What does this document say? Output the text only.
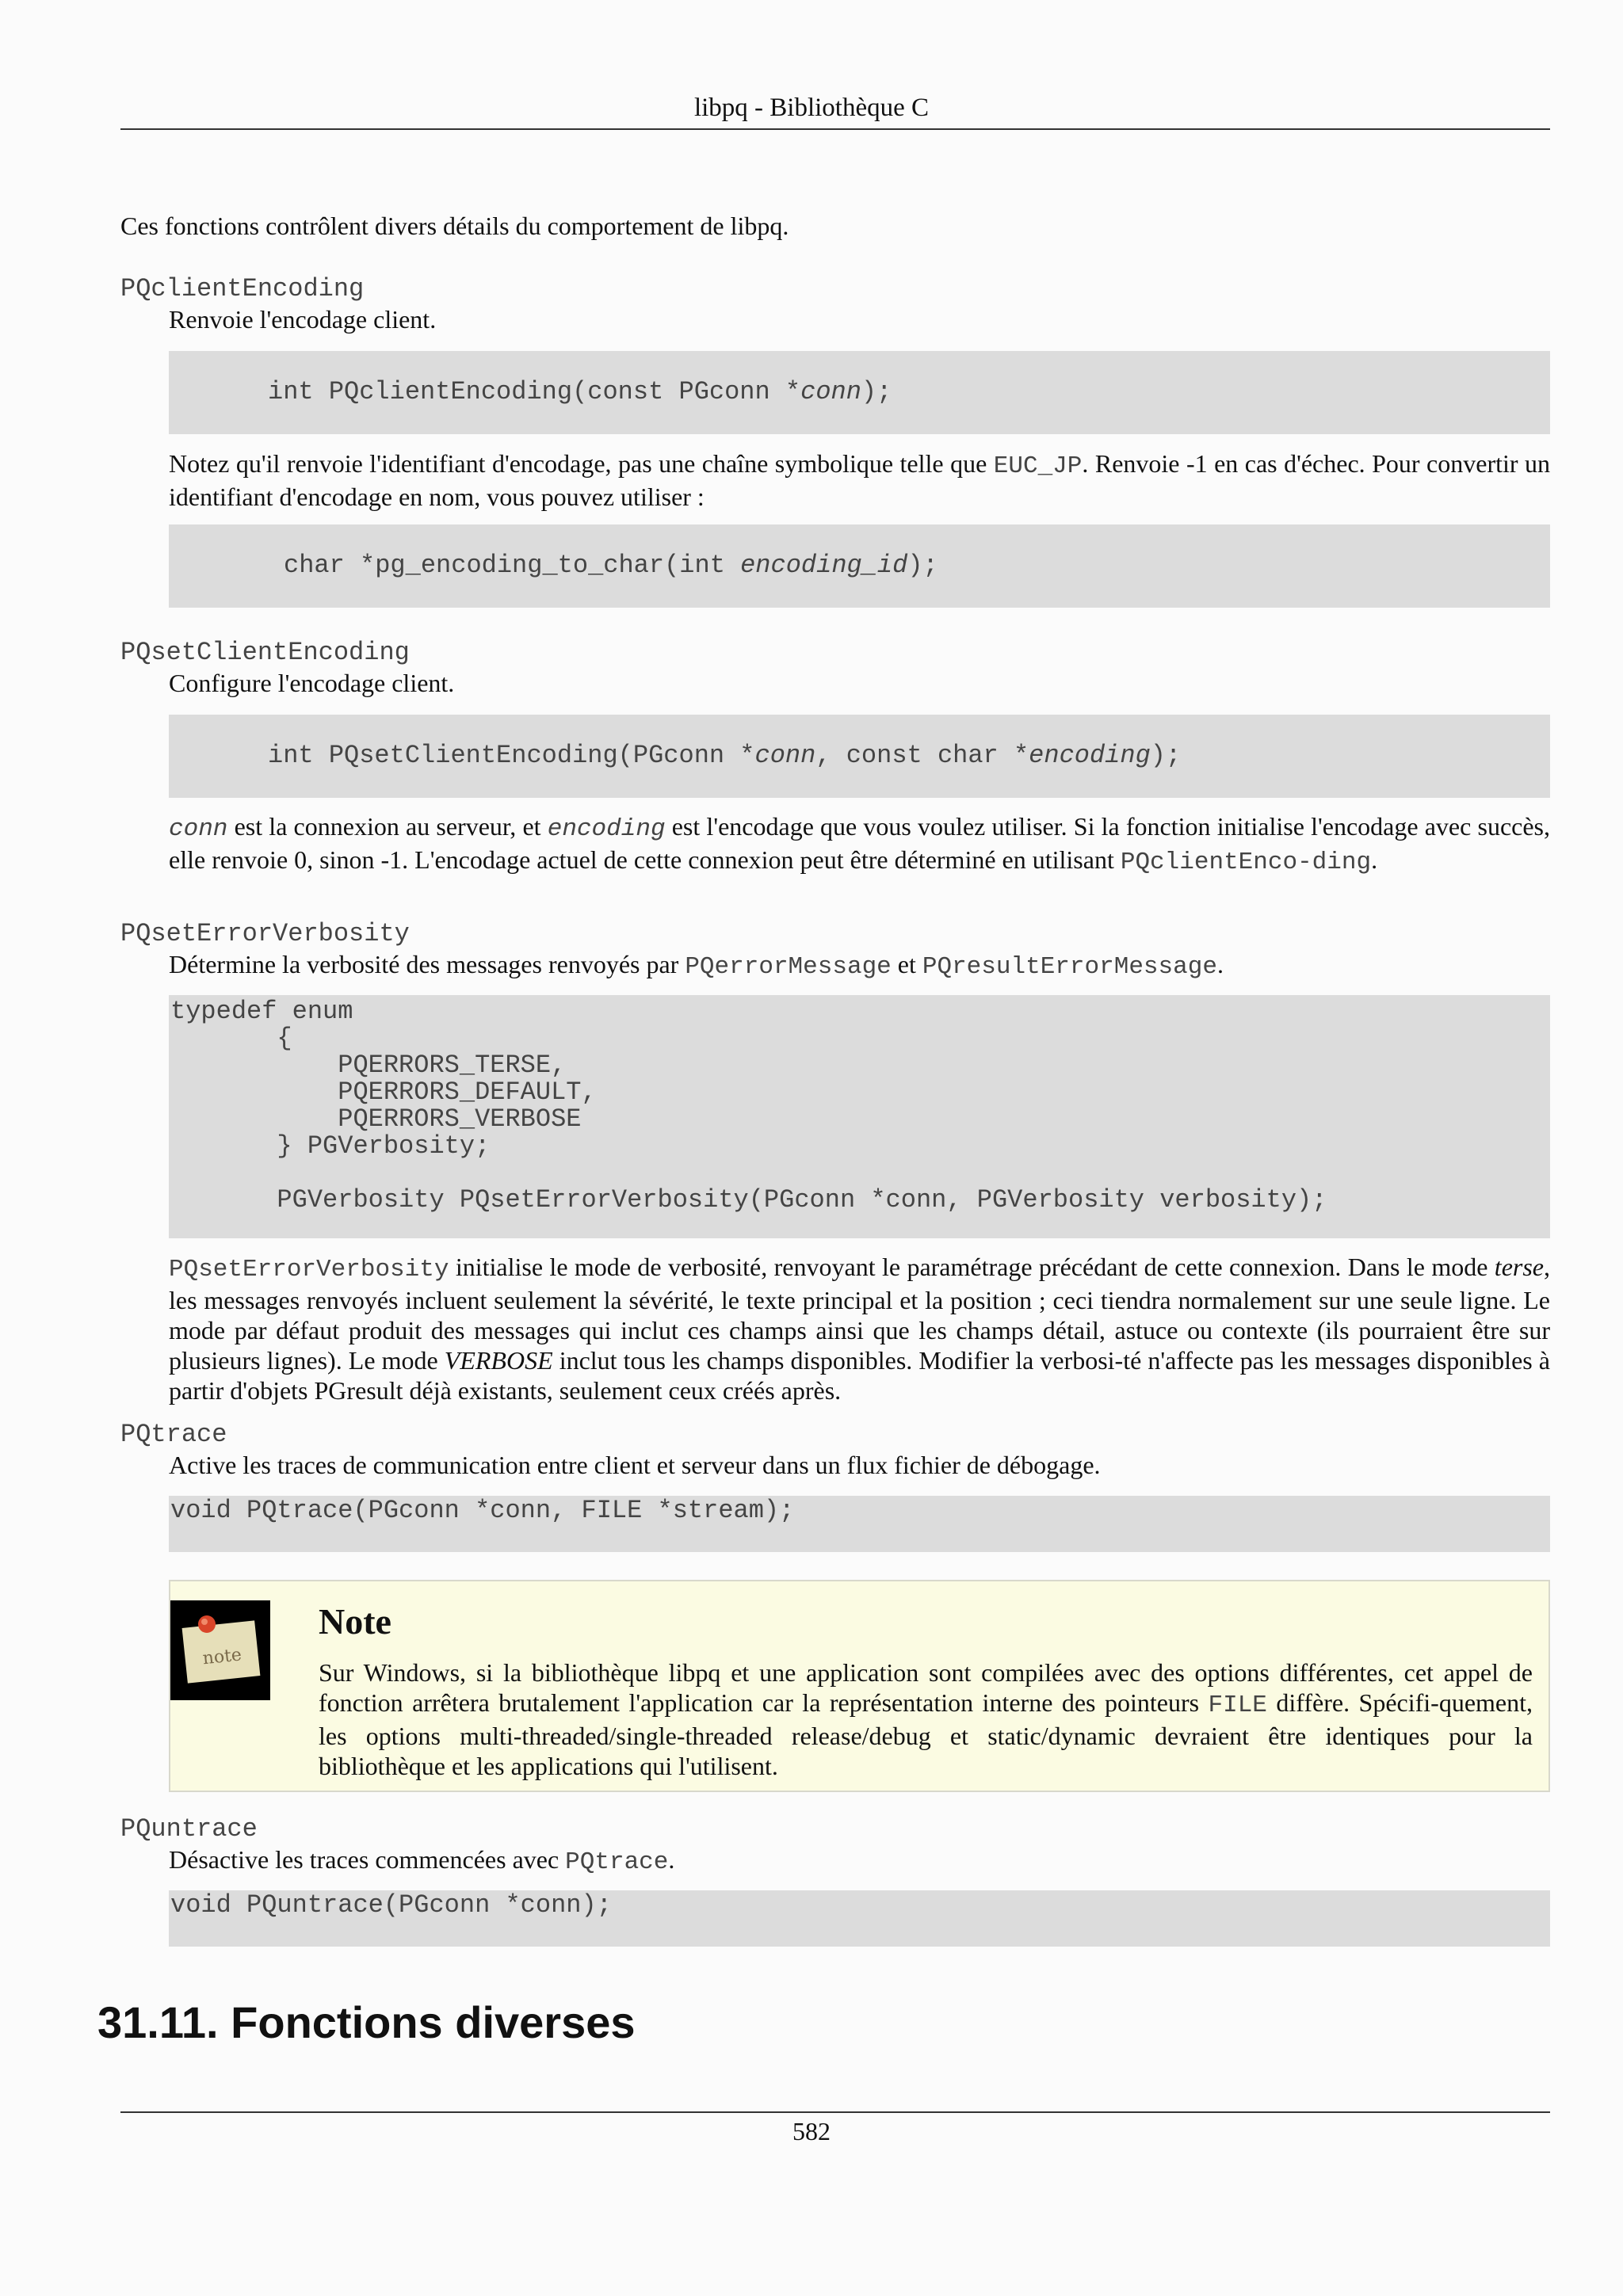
libpq - Bibliothèque C
Ces fonctions contrôlent divers détails du comportement de libpq.
PQclientEncoding
Renvoie l'encodage client.
int PQclientEncoding(const PGconn *conn);
Notez qu'il renvoie l'identifiant d'encodage, pas une chaîne symbolique telle que EUC_JP. Renvoie -1 en cas d'échec. Pour convertir un identifiant d'encodage en nom, vous pouvez utiliser :
char *pg_encoding_to_char(int encoding_id);
PQsetClientEncoding
Configure l'encodage client.
int PQsetClientEncoding(PGconn *conn, const char *encoding);
conn est la connexion au serveur, et encoding est l'encodage que vous voulez utiliser. Si la fonction initialise l'encodage avec succès, elle renvoie 0, sinon -1. L'encodage actuel de cette connexion peut être déterminé en utilisant PQclientEnco-ding.
PQsetErrorVerbosity
Détermine la verbosité des messages renvoyés par PQerrorMessage et PQresultErrorMessage.
typedef enum
{
PQERRORS_TERSE,
PQERRORS_DEFAULT,
PQERRORS_VERBOSE
} PGVerbosity;

PGVerbosity PQsetErrorVerbosity(PGconn *conn, PGVerbosity verbosity);
PQsetErrorVerbosity initialise le mode de verbosité, renvoyant le paramétrage précédant de cette connexion. Dans le mode terse, les messages renvoyés incluent seulement la sévérité, le texte principal et la position ; ceci tiendra normalement sur une seule ligne. Le mode par défaut produit des messages qui inclut ces champs ainsi que les champs détail, astuce ou contexte (ils pourraient être sur plusieurs lignes). Le mode VERBOSE inclut tous les champs disponibles. Modifier la verbosi-té n'affecte pas les messages disponibles à partir d'objets PGresult déjà existants, seulement ceux créés après.
PQtrace
Active les traces de communication entre client et serveur dans un flux fichier de débogage.
void PQtrace(PGconn *conn, FILE *stream);
note
Note
Sur Windows, si la bibliothèque libpq et une application sont compilées avec des options différentes, cet appel de fonction arrêtera brutalement l'application car la représentation interne des pointeurs FILE diffère. Spécifi-quement, les options multi-threaded/single-threaded release/debug et static/dynamic devraient être identiques pour la bibliothèque et les applications qui l'utilisent.
PQuntrace
Désactive les traces commencées avec PQtrace.
void PQuntrace(PGconn *conn);
31.11. Fonctions diverses
582
